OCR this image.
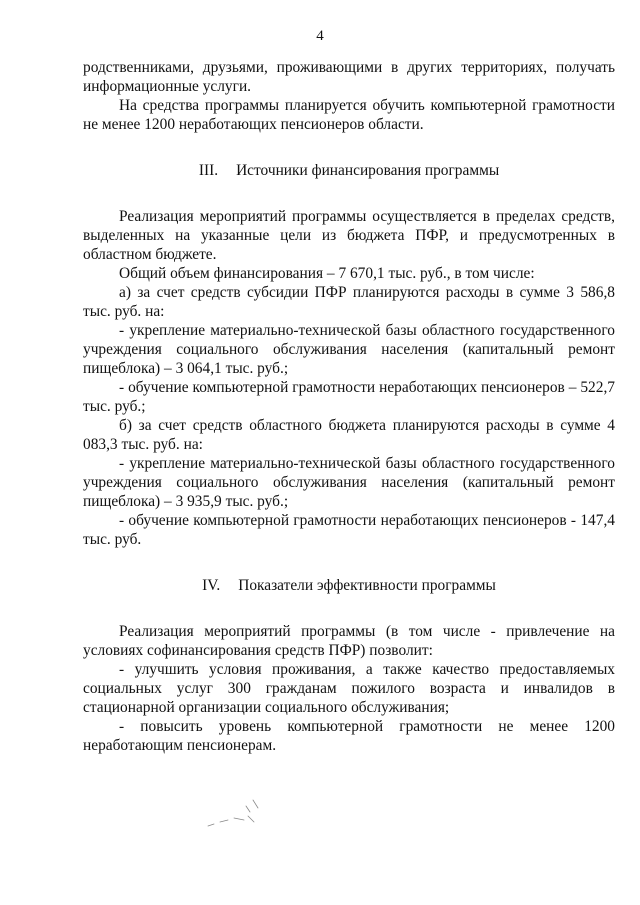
4

родственниками, друзьями, проживающими в других территориях, получать информационные услуги.

На средства программы планируется обучить компьютерной грамотности не менее 1200 неработающих пенсионеров области.

III. Источники финансирования программы

Реализация мероприятий программы осуществляется в пределах средств, выделенных на указанные цели из бюджета ПФР, и предусмотренных в областном бюджете.

Общий объем финансирования – 7 670,1 тыс. руб., в том числе:

а) за счет средств субсидии ПФР планируются расходы в сумме 3 586,8 тыс. руб. на:

- укрепление материально-технической базы областного государственного учреждения социального обслуживания населения (капитальный ремонт пищеблока) – 3 064,1 тыс. руб.;

- обучение компьютерной грамотности неработающих пенсионеров – 522,7 тыс. руб.;

б) за счет средств областного бюджета планируются расходы в сумме 4 083,3 тыс. руб. на:

- укрепление материально-технической базы областного государственного учреждения социального обслуживания населения (капитальный ремонт пищеблока) – 3 935,9 тыс. руб.;

- обучение компьютерной грамотности неработающих пенсионеров - 147,4 тыс. руб.

IV. Показатели эффективности программы

Реализация мероприятий программы (в том числе - привлечение на условиях софинансирования средств ПФР) позволит:

- улучшить условия проживания, а также качество предоставляемых социальных услуг 300 гражданам пожилого возраста и инвалидов в стационарной организации социального обслуживания;

- повысить уровень компьютерной грамотности не менее 1200 неработающим пенсионерам.
